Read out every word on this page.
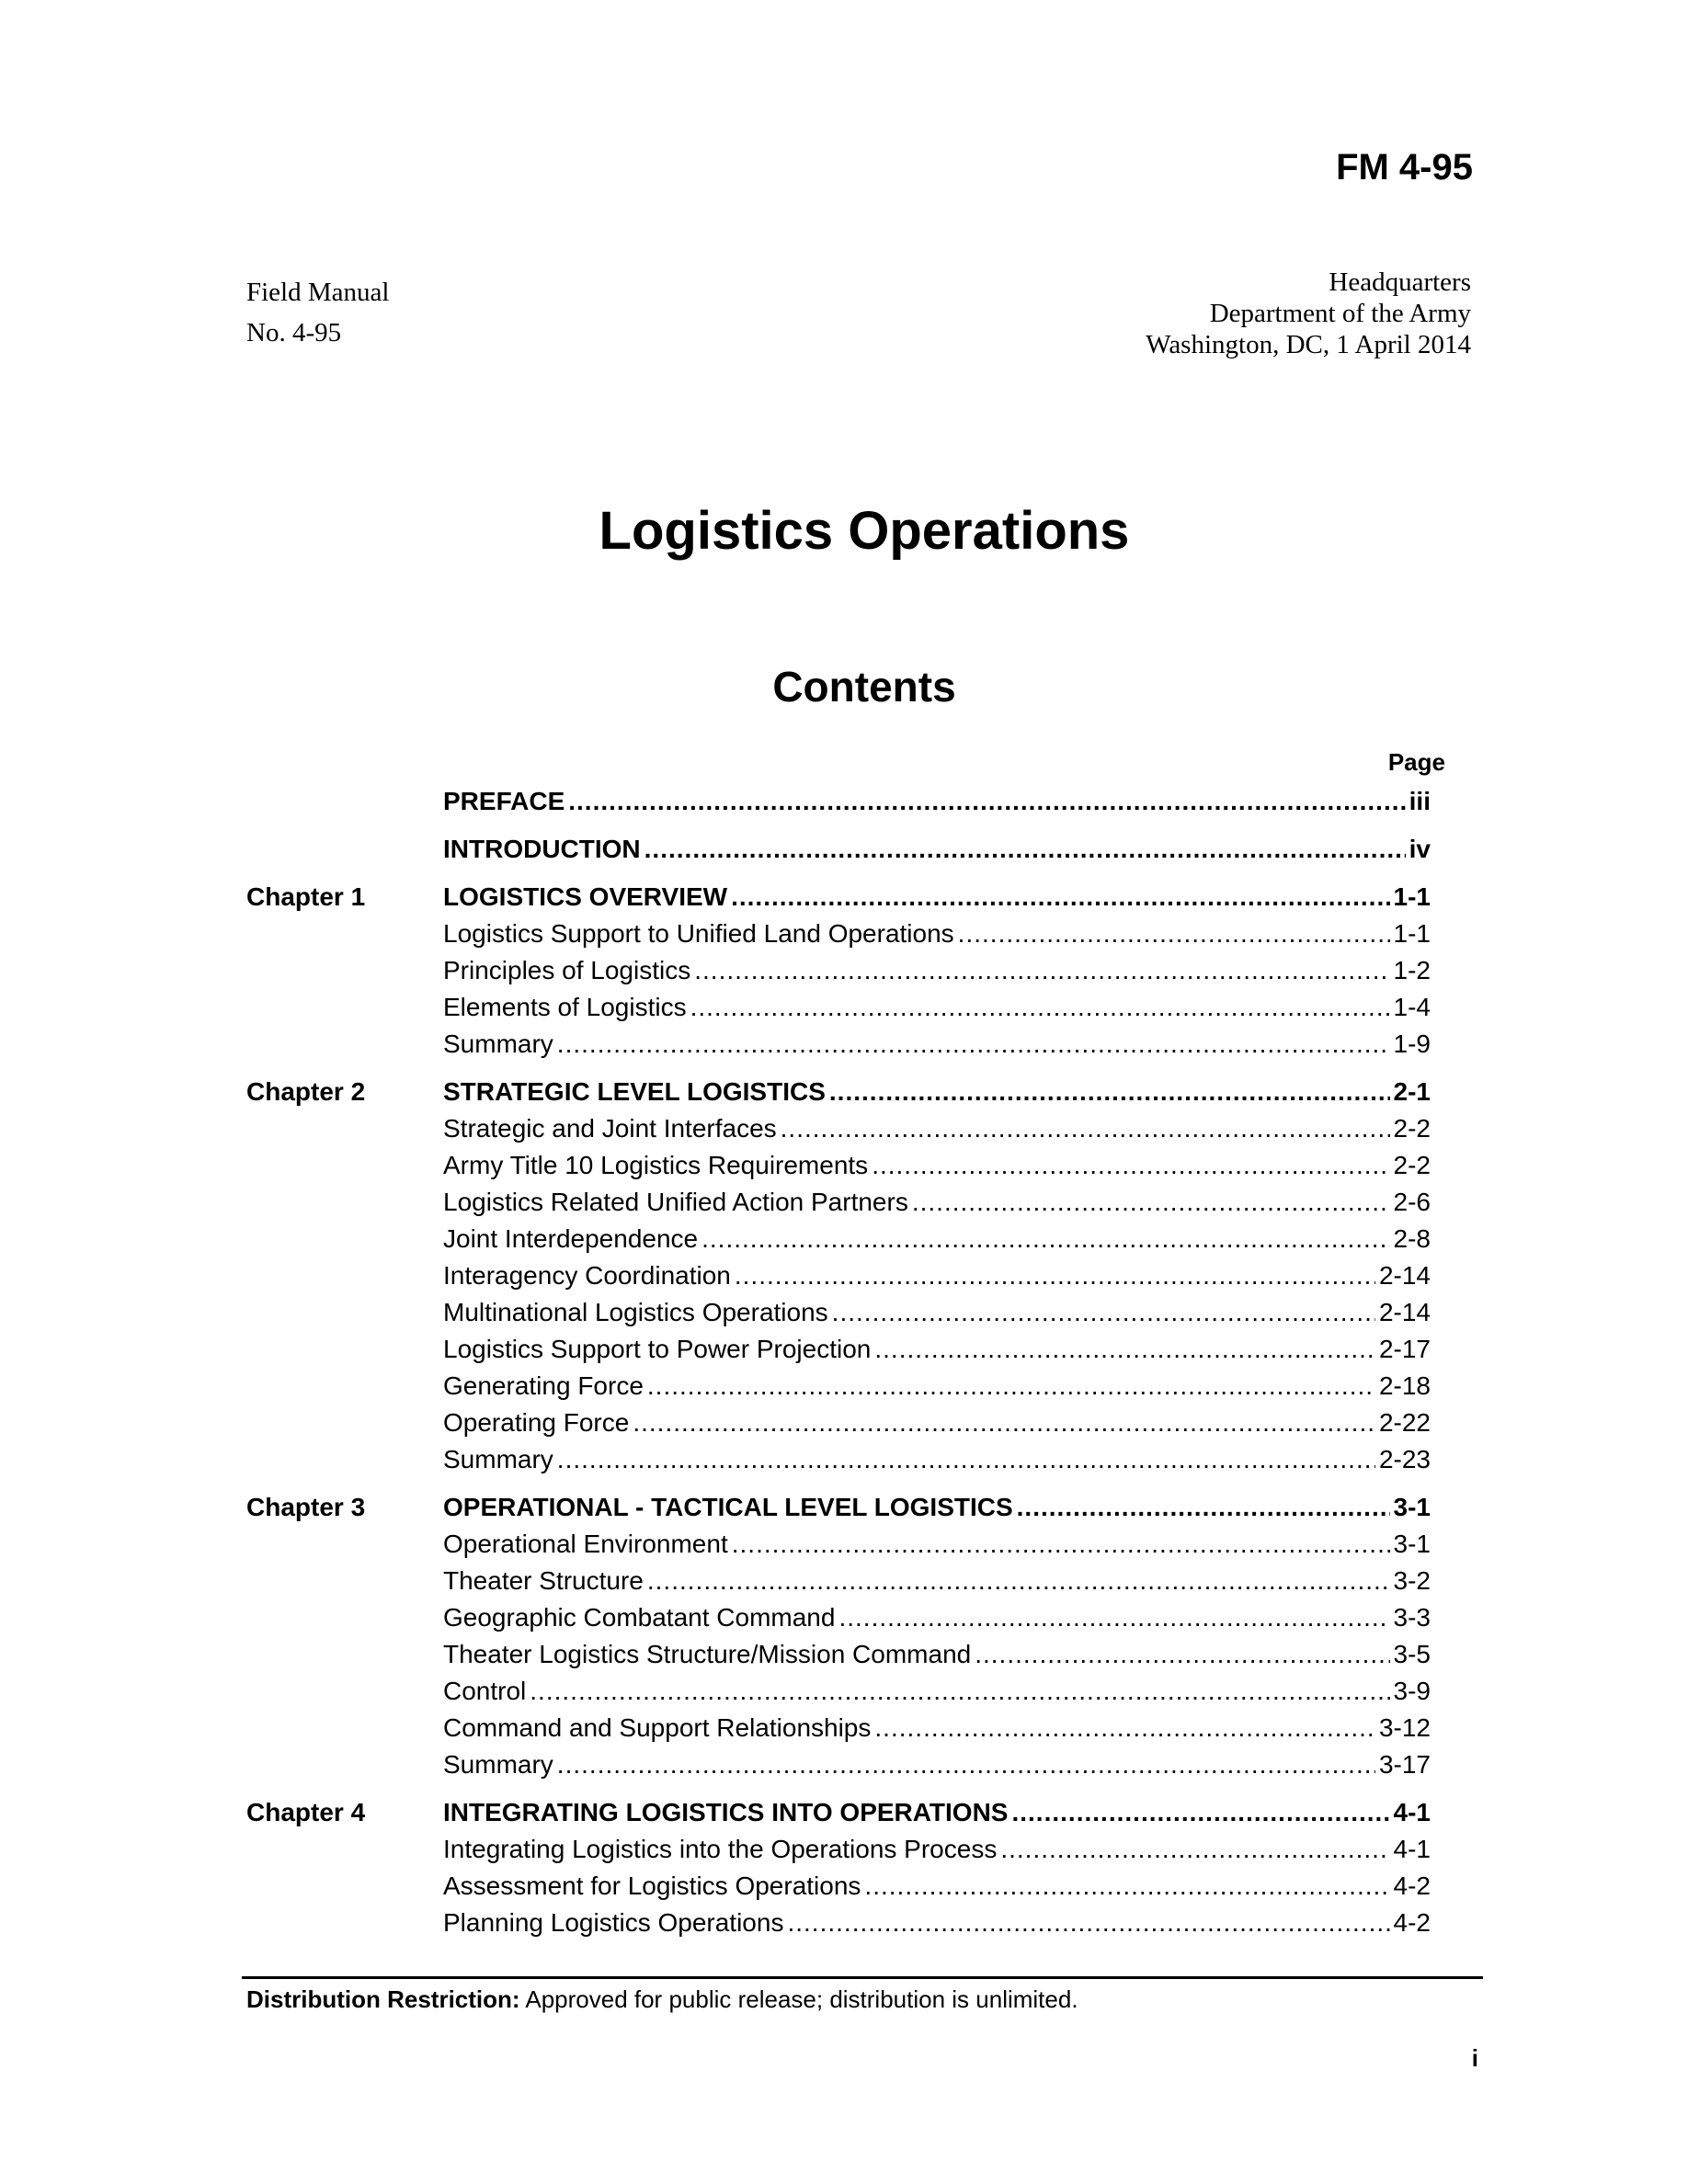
FM 4-95
Field Manual
No. 4-95
Headquarters
Department of the Army
Washington, DC, 1 April 2014
Logistics Operations
Contents
Page
PREFACE .....	iii
INTRODUCTION .....	iv
Chapter 1	LOGISTICS OVERVIEW .....	1-1
Logistics Support to Unified Land Operations .....	1-1
Principles of Logistics .....	1-2
Elements of Logistics .....	1-4
Summary .....	1-9
Chapter 2	STRATEGIC LEVEL LOGISTICS .....	2-1
Strategic and Joint Interfaces .....	2-2
Army Title 10 Logistics Requirements .....	2-2
Logistics Related Unified Action Partners .....	2-6
Joint Interdependence .....	2-8
Interagency Coordination .....	2-14
Multinational Logistics Operations .....	2-14
Logistics Support to Power Projection .....	2-17
Generating Force .....	2-18
Operating Force .....	2-22
Summary .....	2-23
Chapter 3	OPERATIONAL - TACTICAL LEVEL LOGISTICS .....	3-1
Operational Environment .....	3-1
Theater Structure .....	3-2
Geographic Combatant Command .....	3-3
Theater Logistics Structure/Mission Command .....	3-5
Control .....	3-9
Command and Support Relationships .....	3-12
Summary .....	3-17
Chapter 4	INTEGRATING LOGISTICS INTO OPERATIONS .....	4-1
Integrating Logistics into the Operations Process .....	4-1
Assessment for Logistics Operations .....	4-2
Planning Logistics Operations .....	4-2
Distribution Restriction: Approved for public release; distribution is unlimited.
i
